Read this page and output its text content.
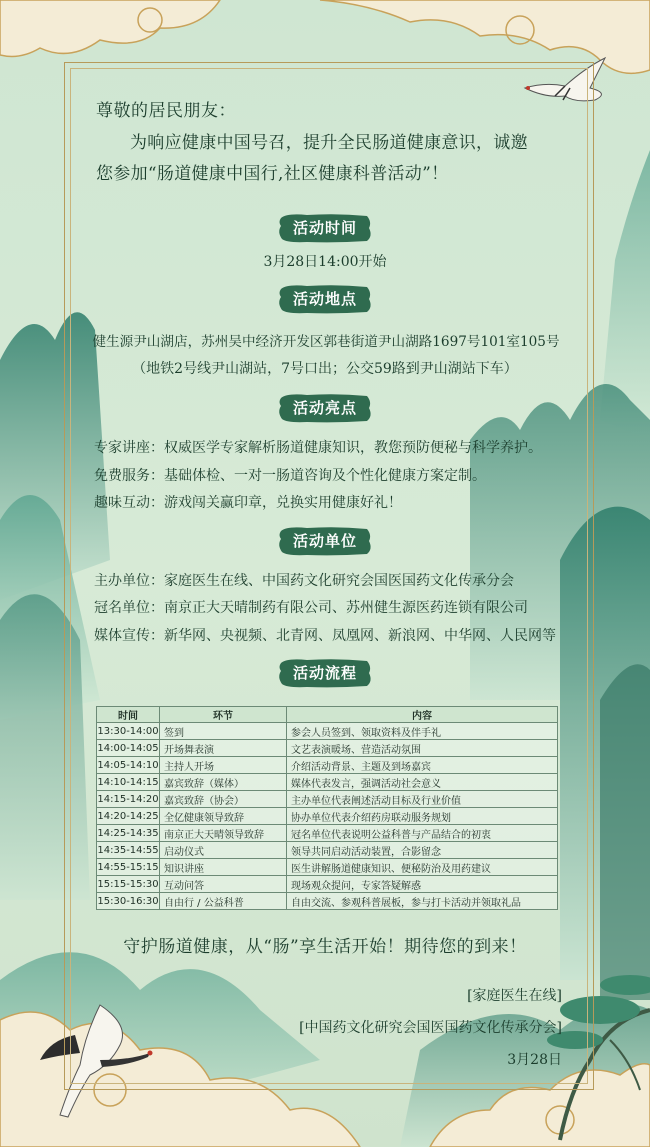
尊敬的居民朋友：
为响应健康中国号召，提升全民肠道健康意识，诚邀
您参加“肠道健康中国行,社区健康科普活动”！
活动时间
3月28日14:00开始
活动地点
健生源尹山湖店，苏州吴中经济开发区郭巷街道尹山湖路1697号101室105号
（地铁2号线尹山湖站，7号口出；公交59路到尹山湖站下车）
活动亮点
专家讲座：权威医学专家解析肠道健康知识，教您预防便秘与科学养护。
免费服务：基础体检、一对一肠道咨询及个性化健康方案定制。
趣味互动：游戏闯关赢印章，兑换实用健康好礼！
活动单位
主办单位：家庭医生在线、中国药文化研究会国医国药文化传承分会
冠名单位：南京正大天晴制药有限公司、苏州健生源医药连锁有限公司
媒体宣传：新华网、央视频、北青网、凤凰网、新浪网、中华网、人民网等
活动流程
时间	环节	内容
13:30-14:00	签到	参会人员签到、领取资料及伴手礼
14:00-14:05	开场舞表演	文艺表演暖场、营造活动氛围
14:05-14:10	主持人开场	介绍活动背景、主题及到场嘉宾
14:10-14:15	嘉宾致辞（媒体）	媒体代表发言，强调活动社会意义
14:15-14:20	嘉宾致辞（协会）	主办单位代表阐述活动目标及行业价值
14:20-14:25	全亿健康领导致辞	协办单位代表介绍药房联动服务规划
14:25-14:35	南京正大天晴领导致辞	冠名单位代表说明公益科普与产品结合的初衷
14:35-14:55	启动仪式	领导共同启动活动装置，合影留念
14:55-15:15	知识讲座	医生讲解肠道健康知识、便秘防治及用药建议
15:15-15:30	互动问答	现场观众提问，专家答疑解惑
15:30-16:30	自由行 / 公益科普	自由交流、参观科普展板，参与打卡活动并领取礼品
守护肠道健康，从“肠”享生活开始！期待您的到来！
[家庭医生在线]
[中国药文化研究会国医国药文化传承分会]
3月28日
